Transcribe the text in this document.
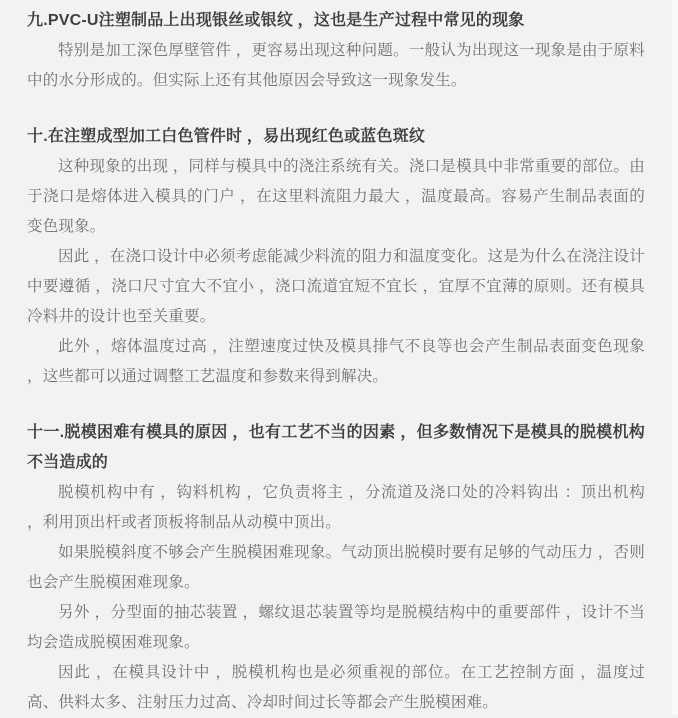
九.PVC-U注塑制品上出现银丝或银纹 ，这也是生产过程中常见的现象

特别是加工深色厚壁管件 ，更容易出现这种问题。一般认为出现这一现象是由于原料中的水分形成的。但实际上还有其他原因会导致这一现象发生。

十.在注塑成型加工白色管件时 ，易出现红色或蓝色斑纹

这种现象的出现 ，同样与模具中的浇注系统有关。浇口是模具中非常重要的部位。由于浇口是熔体进入模具的门户 ，在这里料流阻力最大 ，温度最高。容易产生制品表面的变色现象。

因此 ，在浇口设计中必须考虑能减少料流的阻力和温度变化。这是为什么在浇注设计中要遵循 ，浇口尺寸宜大不宜小 ，浇口流道宜短不宜长 ，宜厚不宜薄的原则。还有模具冷料井的设计也至关重要。

此外 ，熔体温度过高 ，注塑速度过快及模具排气不良等也会产生制品表面变色现象 ，这些都可以通过调整工艺温度和参数来得到解决。

十一.脱模困难有模具的原因 ，也有工艺不当的因素 ，但多数情况下是模具的脱模机构不当造成的

脱模机构中有 ，钩料机构 ，它负责将主 ，分流道及浇口处的冷料钩出 ：顶出机构 ，利用顶出杆或者顶板将制品从动模中顶出。

如果脱模斜度不够会产生脱模困难现象。气动顶出脱模时要有足够的气动压力 ，否则也会产生脱模困难现象。

另外 ，分型面的抽芯装置 ，螺纹退芯装置等均是脱模结构中的重要部件 ，设计不当均会造成脱模困难现象。

因此 ，在模具设计中 ，脱模机构也是必须重视的部位。在工艺控制方面 ，温度过高、供料太多、注射压力过高、冷却时间过长等都会产生脱模困难。
